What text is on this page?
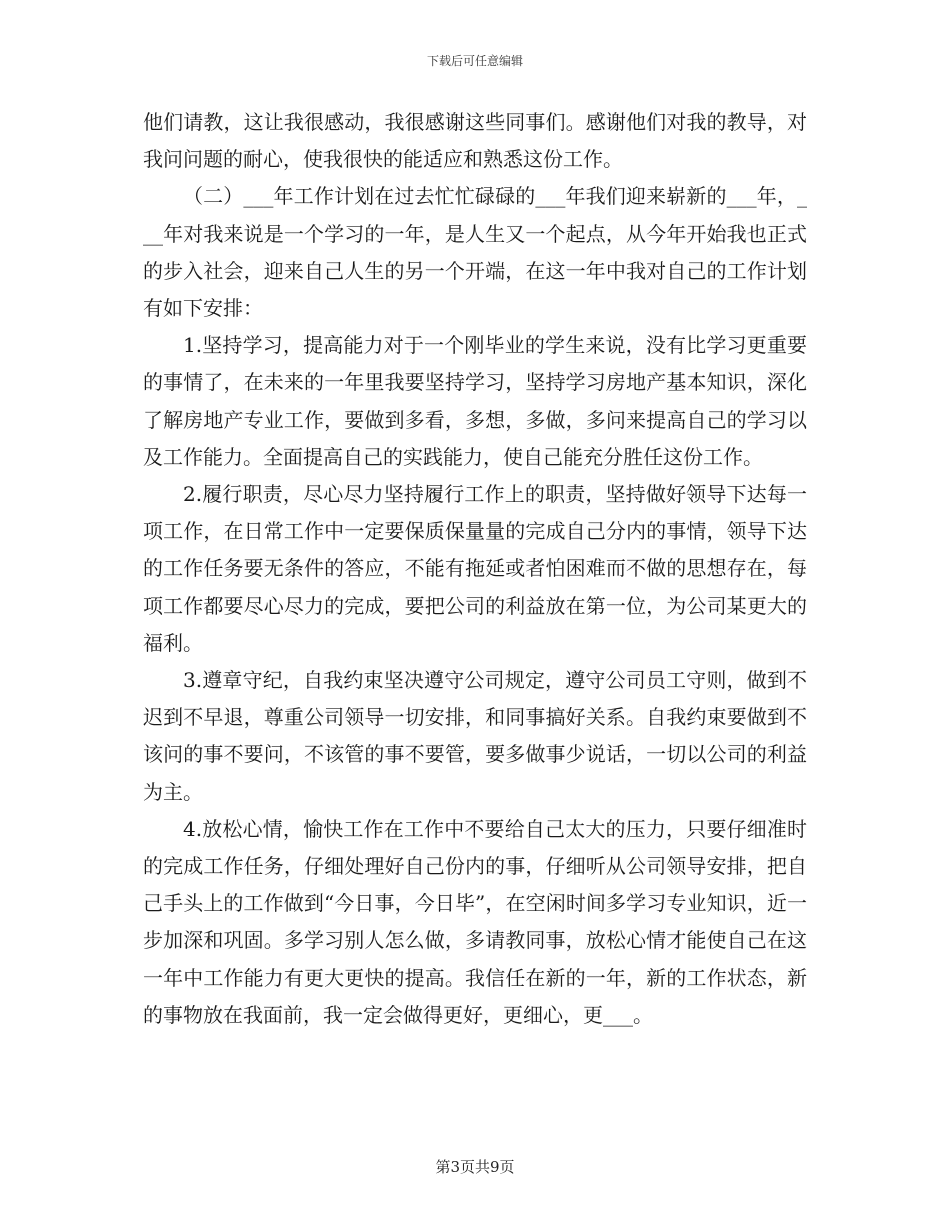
下载后可任意编辑

他们请教，这让我很感动，我很感谢这些同事们。感谢他们对我的教导，对我问问题的耐心，使我很快的能适应和熟悉这份工作。

（二）___年工作计划在过去忙忙碌碌的___年我们迎来崭新的___年，___年对我来说是一个学习的一年，是人生又一个起点，从今年开始我也正式的步入社会，迎来自己人生的另一个开端，在这一年中我对自己的工作计划有如下安排：

1.坚持学习，提高能力对于一个刚毕业的学生来说，没有比学习更重要的事情了，在未来的一年里我要坚持学习，坚持学习房地产基本知识，深化了解房地产专业工作，要做到多看，多想，多做，多问来提高自己的学习以及工作能力。全面提高自己的实践能力，使自己能充分胜任这份工作。

2.履行职责，尽心尽力坚持履行工作上的职责，坚持做好领导下达每一项工作，在日常工作中一定要保质保量量的完成自己分内的事情，领导下达的工作任务要无条件的答应，不能有拖延或者怕困难而不做的思想存在，每项工作都要尽心尽力的完成，要把公司的利益放在第一位，为公司某更大的福利。

3.遵章守纪，自我约束坚决遵守公司规定，遵守公司员工守则，做到不迟到不早退，尊重公司领导一切安排，和同事搞好关系。自我约束要做到不该问的事不要问，不该管的事不要管，要多做事少说话，一切以公司的利益为主。

4.放松心情，愉快工作在工作中不要给自己太大的压力，只要仔细准时的完成工作任务，仔细处理好自己份内的事，仔细听从公司领导安排，把自己手头上的工作做到“今日事，今日毕”，在空闲时间多学习专业知识，近一步加深和巩固。多学习别人怎么做，多请教同事，放松心情才能使自己在这一年中工作能力有更大更快的提高。我信任在新的一年，新的工作状态，新的事物放在我面前，我一定会做得更好，更细心，更___。

第3页共9页
